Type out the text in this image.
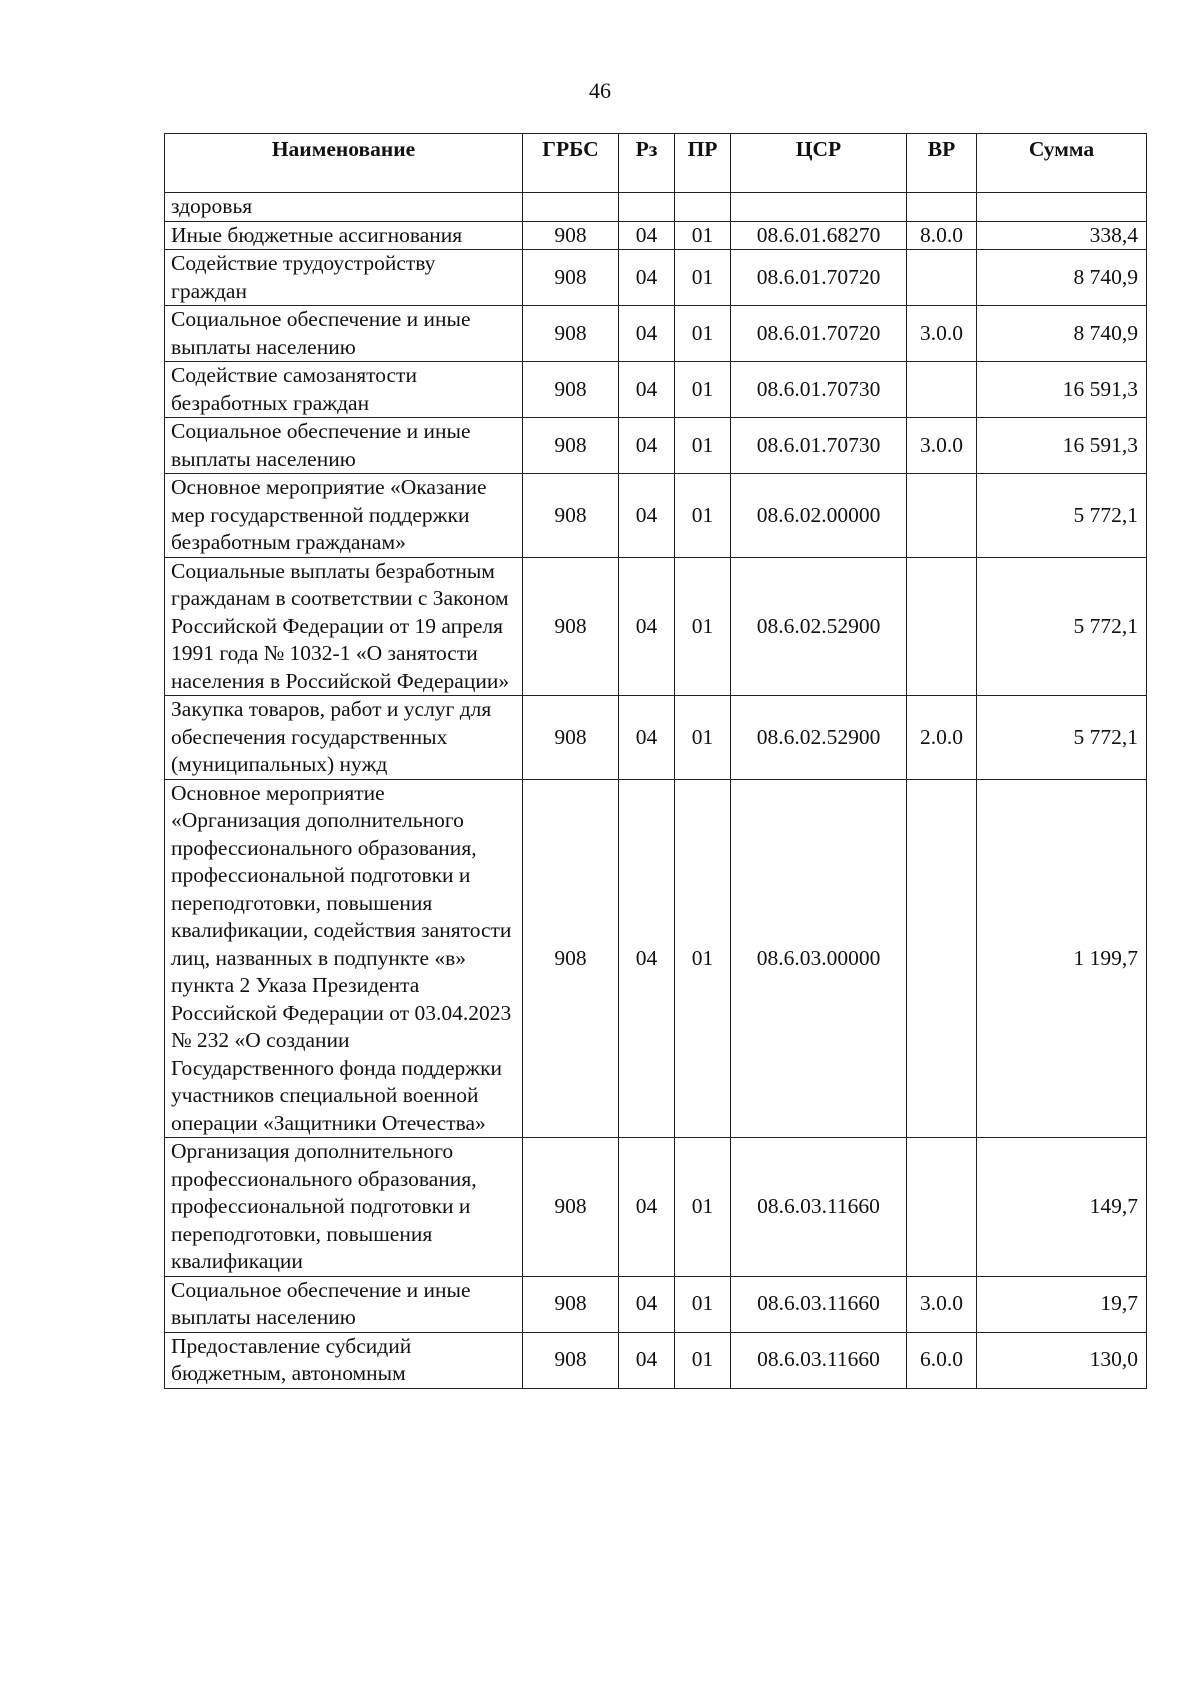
46
Наименование	ГРБС	Рз	ПР	ЦСР	ВР	Сумма
здоровья						
Иные бюджетные ассигнования	908	04	01	08.6.01.68270	8.0.0	338,4
Содействие трудоустройству граждан	908	04	01	08.6.01.70720		8 740,9
Социальное обеспечение и иные выплаты населению	908	04	01	08.6.01.70720	3.0.0	8 740,9
Содействие самозанятости безработных граждан	908	04	01	08.6.01.70730		16 591,3
Социальное обеспечение и иные выплаты населению	908	04	01	08.6.01.70730	3.0.0	16 591,3
Основное мероприятие «Оказание мер государственной поддержки безработным гражданам»	908	04	01	08.6.02.00000		5 772,1
Социальные выплаты безработным гражданам в соответствии с Законом Российской Федерации от 19 апреля 1991 года № 1032-1 «О занятости населения в Российской Федерации»	908	04	01	08.6.02.52900		5 772,1
Закупка товаров, работ и услуг для обеспечения государственных (муниципальных) нужд	908	04	01	08.6.02.52900	2.0.0	5 772,1
Основное мероприятие «Организация дополнительного профессионального образования, профессиональной подготовки и переподготовки, повышения квалификации, содействия занятости лиц, названных в подпункте «в» пункта 2 Указа Президента Российской Федерации от 03.04.2023 № 232 «О создании Государственного фонда поддержки участников специальной военной операции «Защитники Отечества»	908	04	01	08.6.03.00000		1 199,7
Организация дополнительного профессионального образования, профессиональной подготовки и переподготовки, повышения квалификации	908	04	01	08.6.03.11660		149,7
Социальное обеспечение и иные выплаты населению	908	04	01	08.6.03.11660	3.0.0	19,7
Предоставление субсидий бюджетным, автономным	908	04	01	08.6.03.11660	6.0.0	130,0
